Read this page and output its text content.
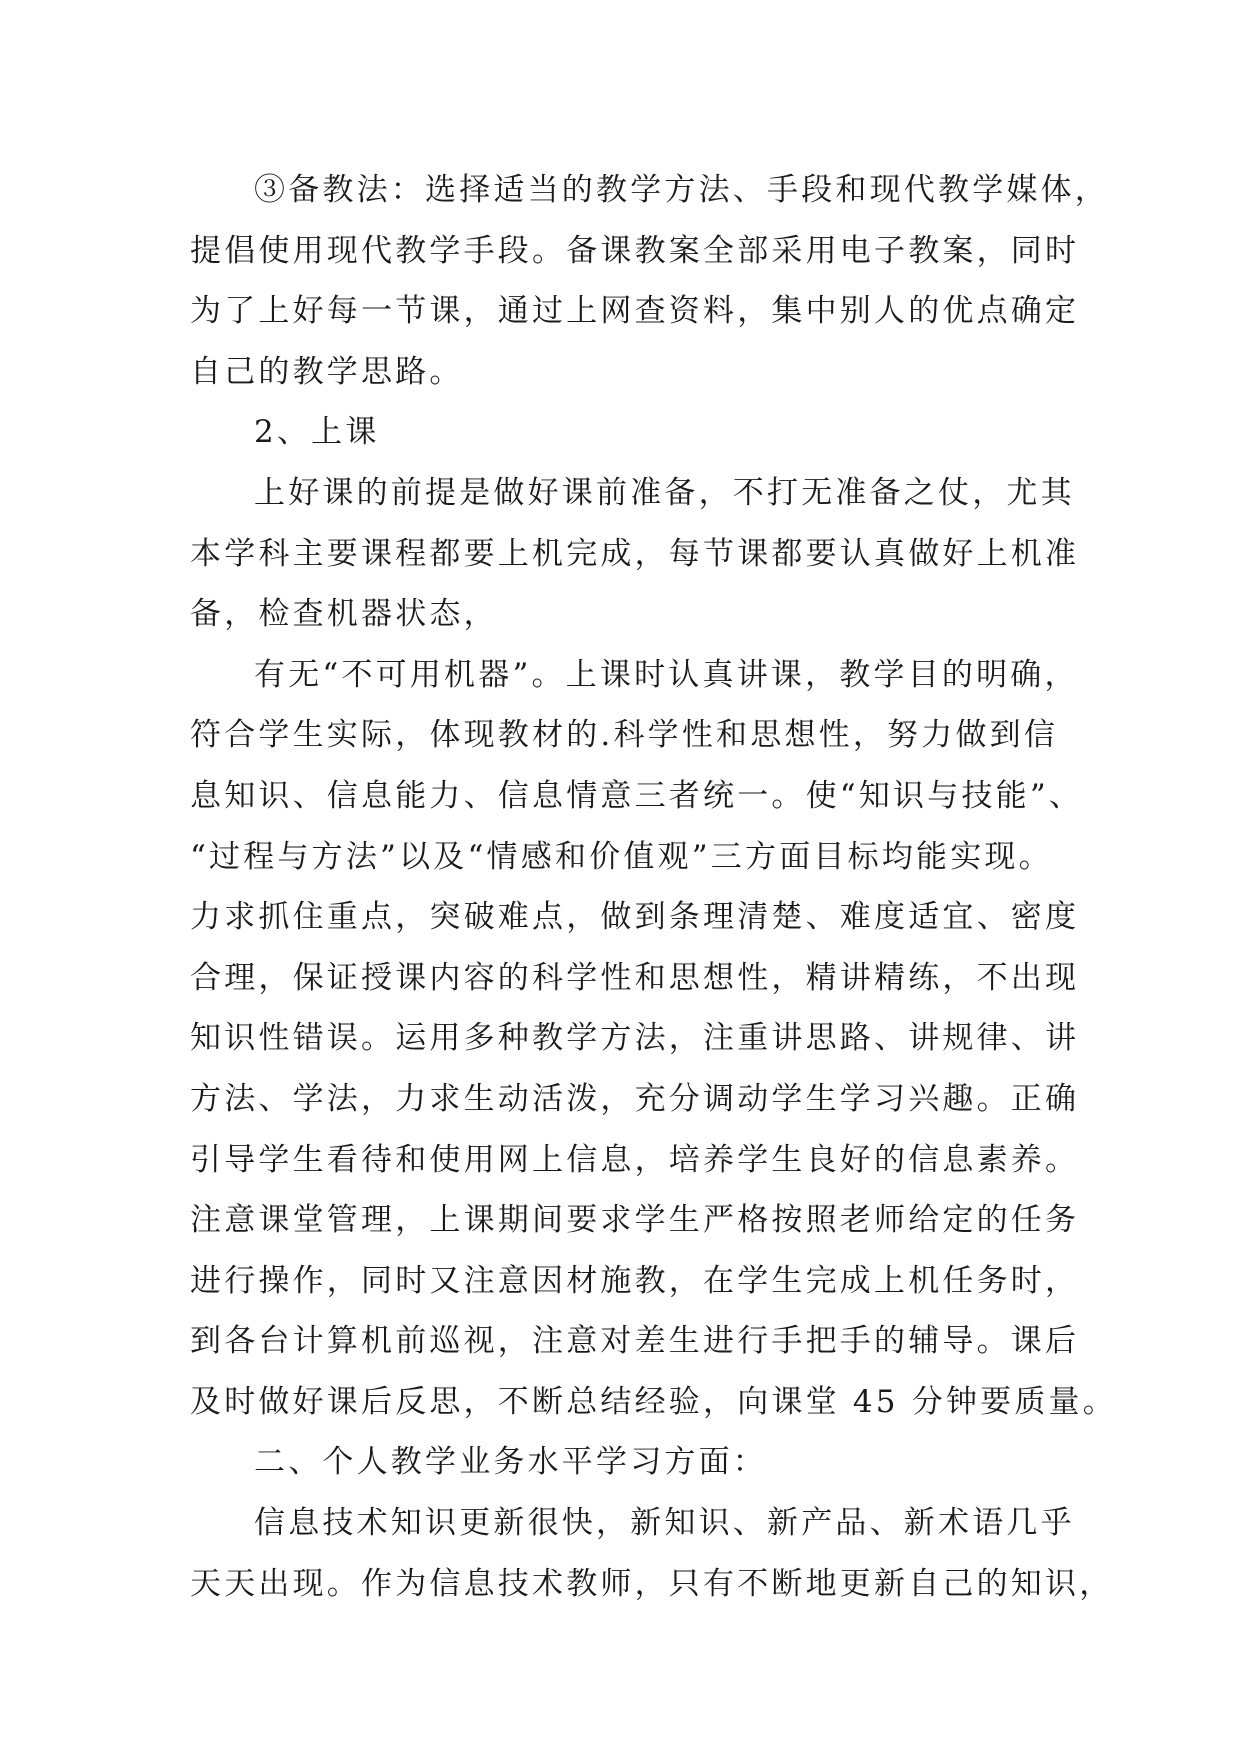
③备教法：选择适当的教学方法、手段和现代教学媒体，
提倡使用现代教学手段。备课教案全部采用电子教案，同时
为了上好每一节课，通过上网查资料，集中别人的优点确定
自己的教学思路。
2、上课
上好课的前提是做好课前准备，不打无准备之仗，尤其
本学科主要课程都要上机完成，每节课都要认真做好上机准
备，检查机器状态，
有无“不可用机器”。上课时认真讲课，教学目的明确，
符合学生实际，体现教材的.科学性和思想性，努力做到信
息知识、信息能力、信息情意三者统一。使“知识与技能”、
“过程与方法”以及“情感和价值观”三方面目标均能实现。
力求抓住重点，突破难点，做到条理清楚、难度适宜、密度
合理，保证授课内容的科学性和思想性，精讲精练，不出现
知识性错误。运用多种教学方法，注重讲思路、讲规律、讲
方法、学法，力求生动活泼，充分调动学生学习兴趣。正确
引导学生看待和使用网上信息，培养学生良好的信息素养。
注意课堂管理，上课期间要求学生严格按照老师给定的任务
进行操作，同时又注意因材施教，在学生完成上机任务时，
到各台计算机前巡视，注意对差生进行手把手的辅导。课后
及时做好课后反思，不断总结经验，向课堂 45 分钟要质量。
二、个人教学业务水平学习方面：
信息技术知识更新很快，新知识、新产品、新术语几乎
天天出现。作为信息技术教师，只有不断地更新自己的知识，
